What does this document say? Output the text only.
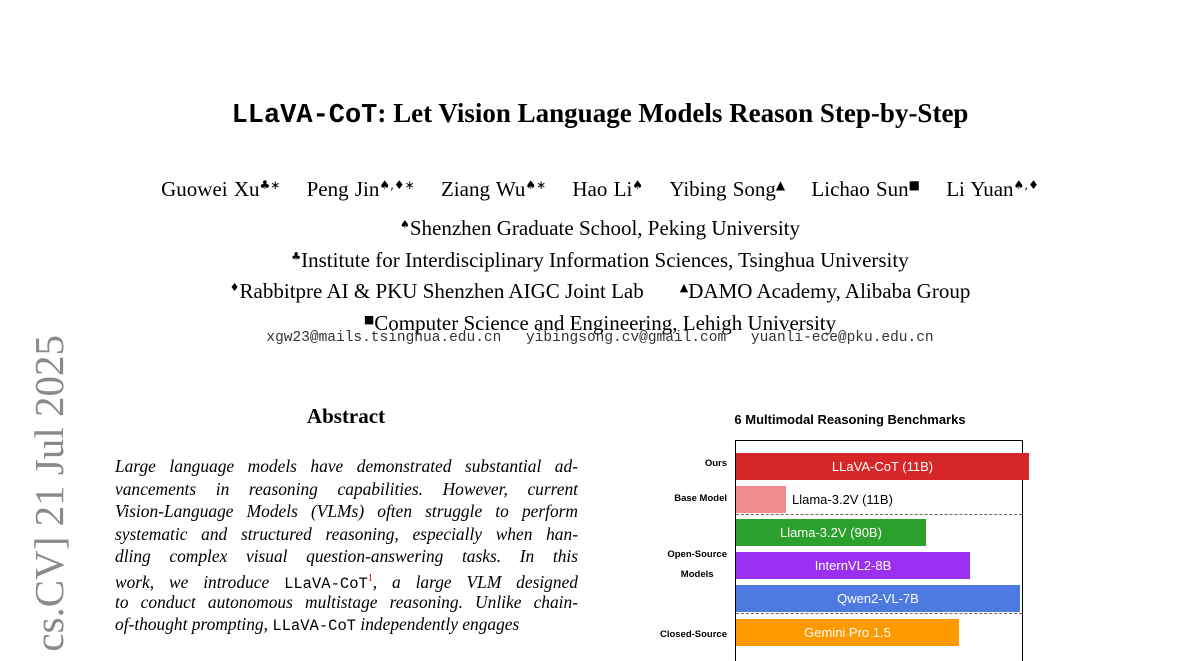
cs.CV] 21 Jul 2025
LLaVA-CoT: Let Vision Language Models Reason Step-by-Step
Guowei Xu♣∗ Peng Jin♠,♦∗ Ziang Wu♠∗ Hao Li♠ Yibing Song▲ Lichao Sun■ Li Yuan♠,♦
♠Shenzhen Graduate School, Peking University
♣Institute for Interdisciplinary Information Sciences, Tsinghua University
♦Rabbitpre AI & PKU Shenzhen AIGC Joint Lab	▲DAMO Academy, Alibaba Group
■Computer Science and Engineering, Lehigh University
xgw23@mails.tsinghua.edu.cn yibingsong.cv@gmail.com yuanli-ece@pku.edu.cn
Abstract
Large language models have demonstrated substantial ad-
vancements in reasoning capabilities. However, current
Vision-Language Models (VLMs) often struggle to perform
systematic and structured reasoning, especially when han-
dling complex visual question-answering tasks. In this
work, we introduce LLaVA-CoT$^1$, a large VLM designed
to conduct autonomous multistage reasoning. Unlike chain-
of-thought prompting, LLaVA-CoT independently engages
6 Multimodal Reasoning Benchmarks
Ours
Base Model
Open-Source
Models
Closed-Source
LLaVA-CoT (11B)
Llama-3.2V (11B)
Llama-3.2V (90B)
InternVL2-8B
Qwen2-VL-7B
Gemini Pro 1.5
